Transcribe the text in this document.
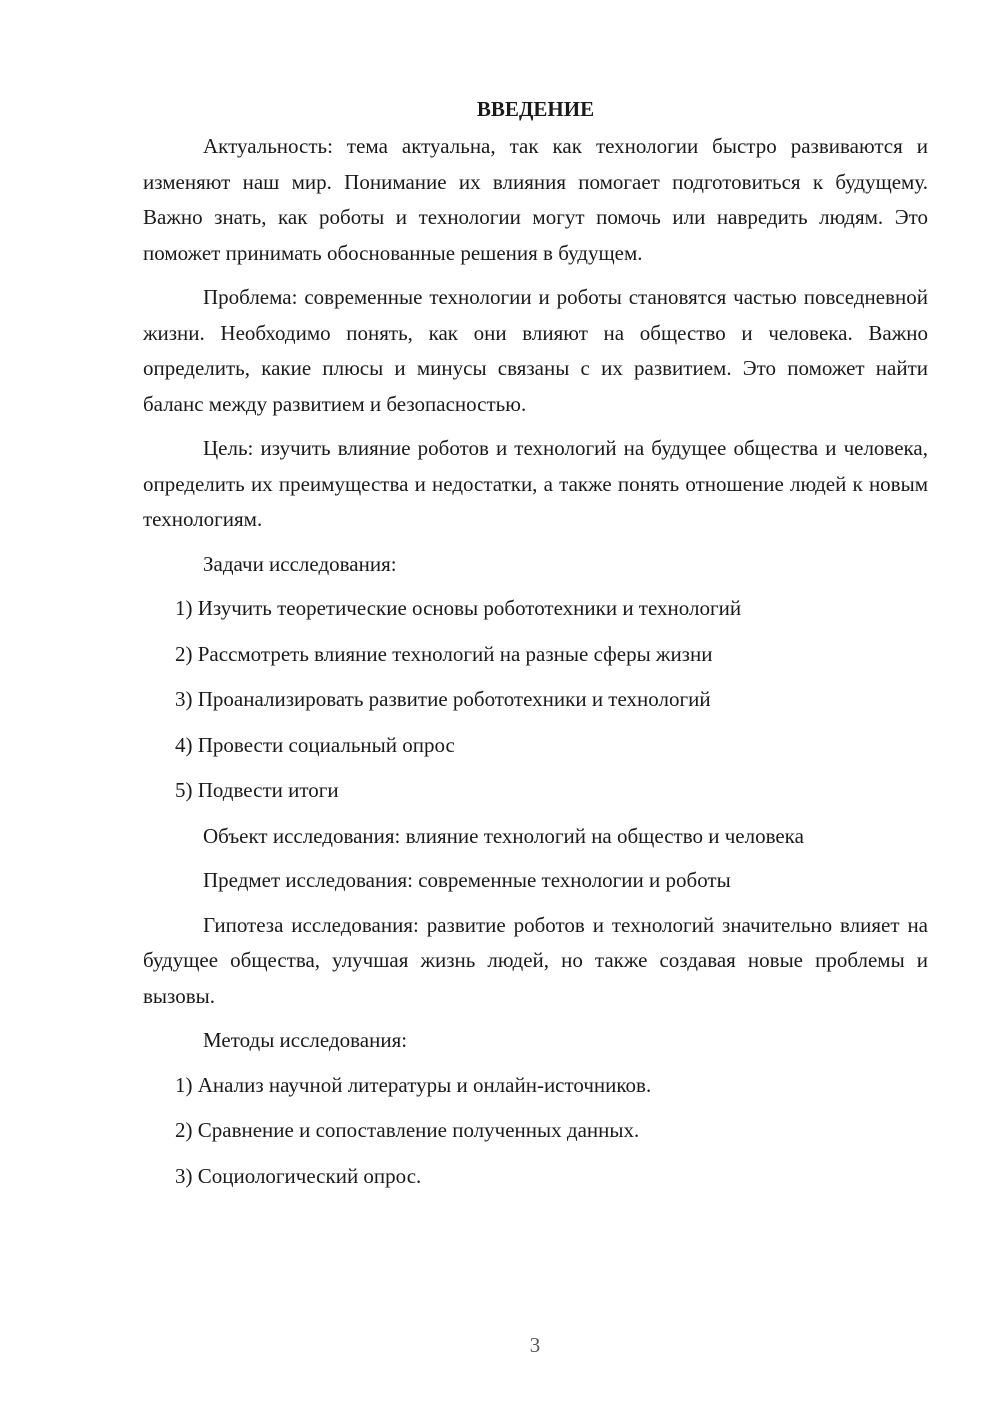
ВВЕДЕНИЕ

Актуальность: тема актуальна, так как технологии быстро развиваются и изменяют наш мир. Понимание их влияния помогает подготовиться к будущему. Важно знать, как роботы и технологии могут помочь или навредить людям. Это поможет принимать обоснованные решения в будущем.

Проблема: современные технологии и роботы становятся частью повседневной жизни. Необходимо понять, как они влияют на общество и человека. Важно определить, какие плюсы и минусы связаны с их развитием. Это поможет найти баланс между развитием и безопасностью.

Цель: изучить влияние роботов и технологий на будущее общества и человека, определить их преимущества и недостатки, а также понять отношение людей к новым технологиям.

Задачи исследования:
1) Изучить теоретические основы робототехники и технологий
2) Рассмотреть влияние технологий на разные сферы жизни
3) Проанализировать развитие робототехники и технологий
4) Провести социальный опрос
5) Подвести итоги
Объект исследования: влияние технологий на общество и человека
Предмет исследования: современные технологии и роботы

Гипотеза исследования: развитие роботов и технологий значительно влияет на будущее общества, улучшая жизнь людей, но также создавая новые проблемы и вызовы.

Методы исследования:
1) Анализ научной литературы и онлайн-источников.
2) Сравнение и сопоставление полученных данных.
3) Социологический опрос.
3
